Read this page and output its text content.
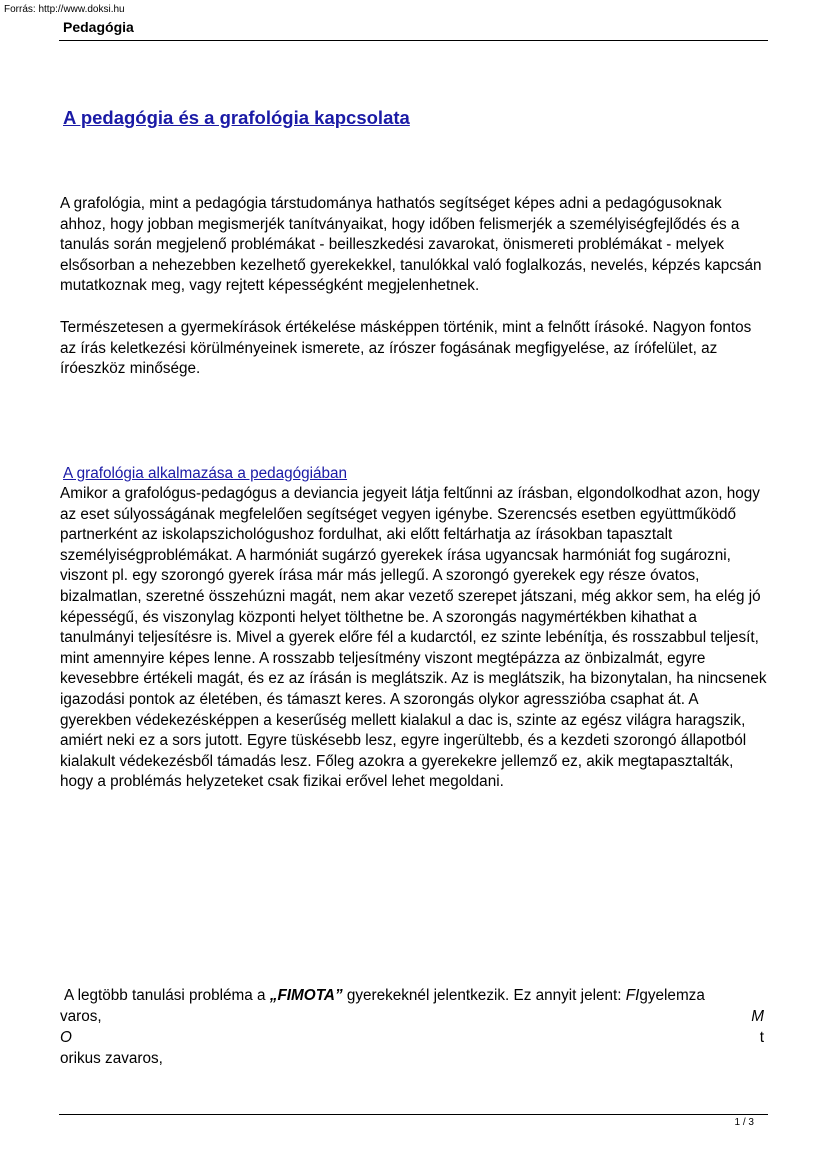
Forrás: http://www.doksi.hu
Pedagógia
A pedagógia és a grafológia kapcsolata

A grafológia, mint a pedagógia társtudománya hathatós segítséget képes adni a pedagógusoknak ahhoz, hogy jobban megismerjék tanítványaikat, hogy időben felismerjék a személyiségfejlődés és a tanulás során megjelenő problémákat - beilleszkedési zavarokat, önismereti problémákat - melyek elsősorban a nehezebben kezelhető gyerekekkel, tanulókkal való foglalkozás, nevelés, képzés kapcsán mutatkoznak meg, vagy rejtett képességként megjelenhetnek.

Természetesen a gyermekírások értékelése másképpen történik, mint a felnőtt írásoké. Nagyon fontos az írás keletkezési körülményeinek ismerete, az írószer fogásának megfigyelése, az írófelület, az íróeszköz minősége.

A grafológia alkalmazása a pedagógiában

Amikor a grafológus-pedagógus a deviancia jegyeit látja feltűnni az írásban, elgondolkodhat azon, hogy az eset súlyosságának megfelelően segítséget vegyen igénybe. Szerencsés esetben együttműködő partnerként az iskolapszichológushoz fordulhat, aki előtt feltárhatja az írásokban tapasztalt személyiségproblémákat. A harmóniát sugárzó gyerekek írása ugyancsak harmóniát fog sugározni, viszont pl. egy szorongó gyerek írása már más jellegű. A szorongó gyerekek egy része óvatos, bizalmatlan, szeretné összehúzni magát, nem akar vezető szerepet játszani, még akkor sem, ha elég jó képességű, és viszonylag központi helyet tölthetne be. A szorongás nagymértékben kihathat a tanulmányi teljesítésre is. Mivel a gyerek előre fél a kudarctól, ez szinte lebénítja, és rosszabbul teljesít, mint amennyire képes lenne. A rosszabb teljesítmény viszont megtépázza az önbizalmát, egyre kevesebbre értékeli magát, és ez az írásán is meglátszik. Az is meglátszik, ha bizonytalan, ha nincsenek igazodási pontok az életében, és támaszt keres. A szorongás olykor agresszióba csaphat át. A gyerekben védekezésképpen a keserűség mellett kialakul a dac is, szinte az egész világra haragszik, amiért neki ez a sors jutott. Egyre tüskésebb lesz, egyre ingerültebb, és a kezdeti szorongó állapotból kialakult védekezésből támadás lesz. Főleg azokra a gyerekekre jellemző ez, akik megtapasztalták, hogy a problémás helyzeteket csak fizikai erővel lehet megoldani.

A legtöbb tanulási probléma a „FIMOTA” gyerekeknél jelentkezik. Ez annyit jelent: FIgyelemza
varos,	M
O	t
orikus zavaros,
1 / 3
